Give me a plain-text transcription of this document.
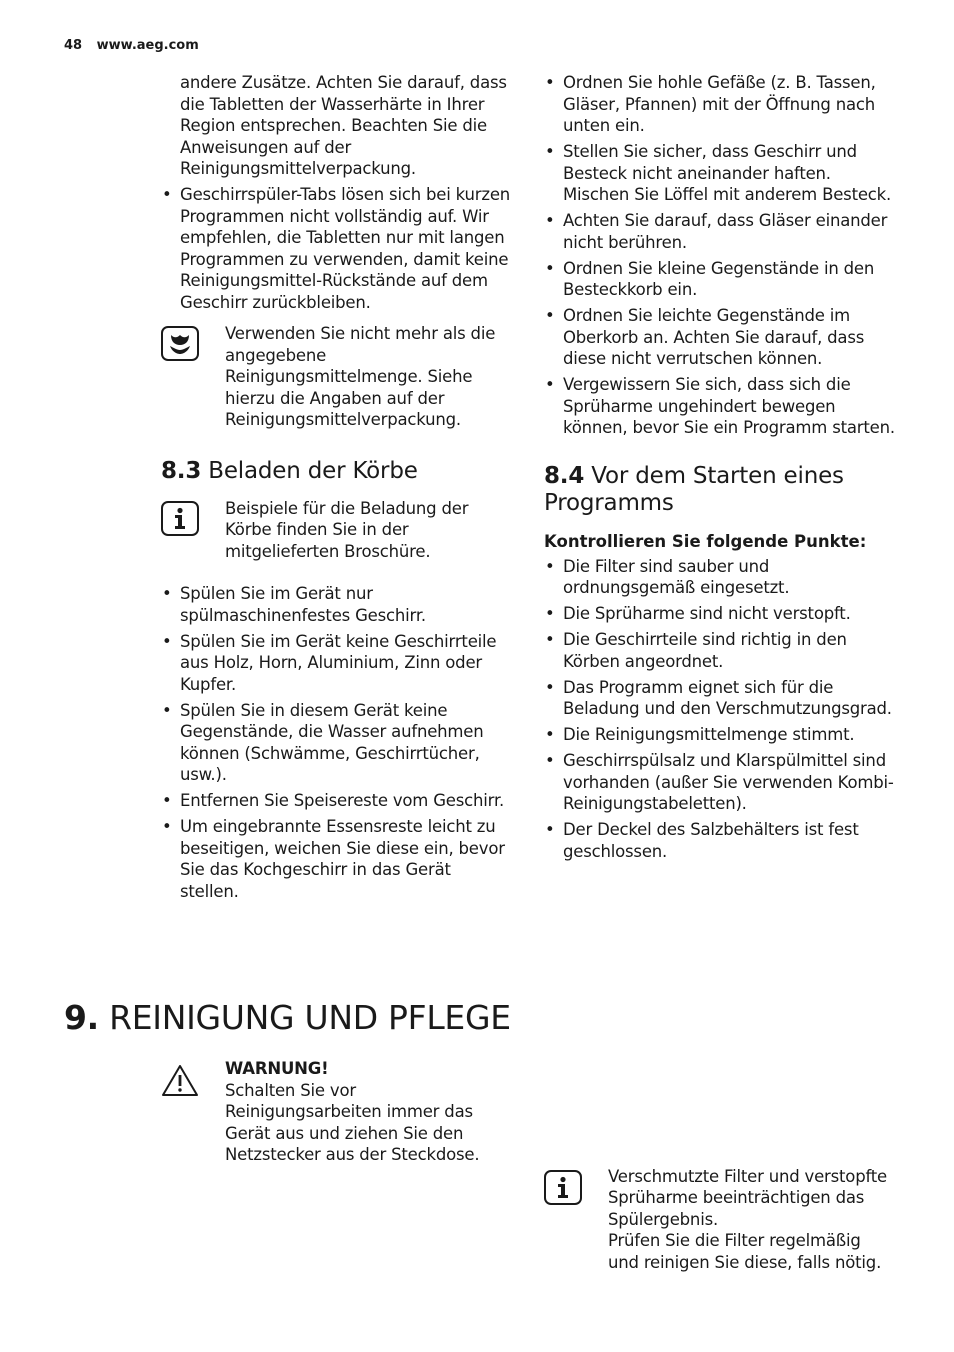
48 www.aeg.com

andere Zusätze. Achten Sie darauf, dass die Tabletten der Wasserhärte in Ihrer Region entsprechen. Beachten Sie die Anweisungen auf der Reinigungsmittelverpackung.

• Geschirrspüler-Tabs lösen sich bei kurzen Programmen nicht vollständig auf. Wir empfehlen, die Tabletten nur mit langen Programmen zu verwenden, damit keine Reinigungsmittel-Rückstände auf dem Geschirr zurückbleiben.

Verwenden Sie nicht mehr als die angegebene Reinigungsmittelmenge. Siehe hierzu die Angaben auf der Reinigungsmittelverpackung.

8.3 Beladen der Körbe

Beispiele für die Beladung der Körbe finden Sie in der mitgelieferten Broschüre.

• Spülen Sie im Gerät nur spülmaschinenfestes Geschirr.
• Spülen Sie im Gerät keine Geschirrteile aus Holz, Horn, Aluminium, Zinn oder Kupfer.
• Spülen Sie in diesem Gerät keine Gegenstände, die Wasser aufnehmen können (Schwämme, Geschirrtücher, usw.).
• Entfernen Sie Speisereste vom Geschirr.
• Um eingebrannte Essensreste leicht zu beseitigen, weichen Sie diese ein, bevor Sie das Kochgeschirr in das Gerät stellen.
• Ordnen Sie hohle Gefäße (z. B. Tassen, Gläser, Pfannen) mit der Öffnung nach unten ein.
• Stellen Sie sicher, dass Geschirr und Besteck nicht aneinander haften. Mischen Sie Löffel mit anderem Besteck.
• Achten Sie darauf, dass Gläser einander nicht berühren.
• Ordnen Sie kleine Gegenstände in den Besteckkorb ein.
• Ordnen Sie leichte Gegenstände im Oberkorb an. Achten Sie darauf, dass diese nicht verrutschen können.
• Vergewissern Sie sich, dass sich die Sprüharme ungehindert bewegen können, bevor Sie ein Programm starten.
8.4 Vor dem Starten eines Programms

Kontrollieren Sie folgende Punkte:

• Die Filter sind sauber und ordnungsgemäß eingesetzt.
• Die Sprüharme sind nicht verstopft.
• Die Geschirrteile sind richtig in den Körben angeordnet.
• Das Programm eignet sich für die Beladung und den Verschmutzungsgrad.
• Die Reinigungsmittelmenge stimmt.
• Geschirrspülsalz und Klarspülmittel sind vorhanden (außer Sie verwenden Kombi-Reinigungstabeletten).
• Der Deckel des Salzbehälters ist fest geschlossen.
9. REINIGUNG UND PFLEGE

WARNUNG!

Schalten Sie vor Reinigungsarbeiten immer das Gerät aus und ziehen Sie den Netzstecker aus der Steckdose.

Verschmutzte Filter und verstopfte Sprüharme beeinträchtigen das Spülergebnis.

Prüfen Sie die Filter regelmäßig und reinigen Sie diese, falls nötig.
